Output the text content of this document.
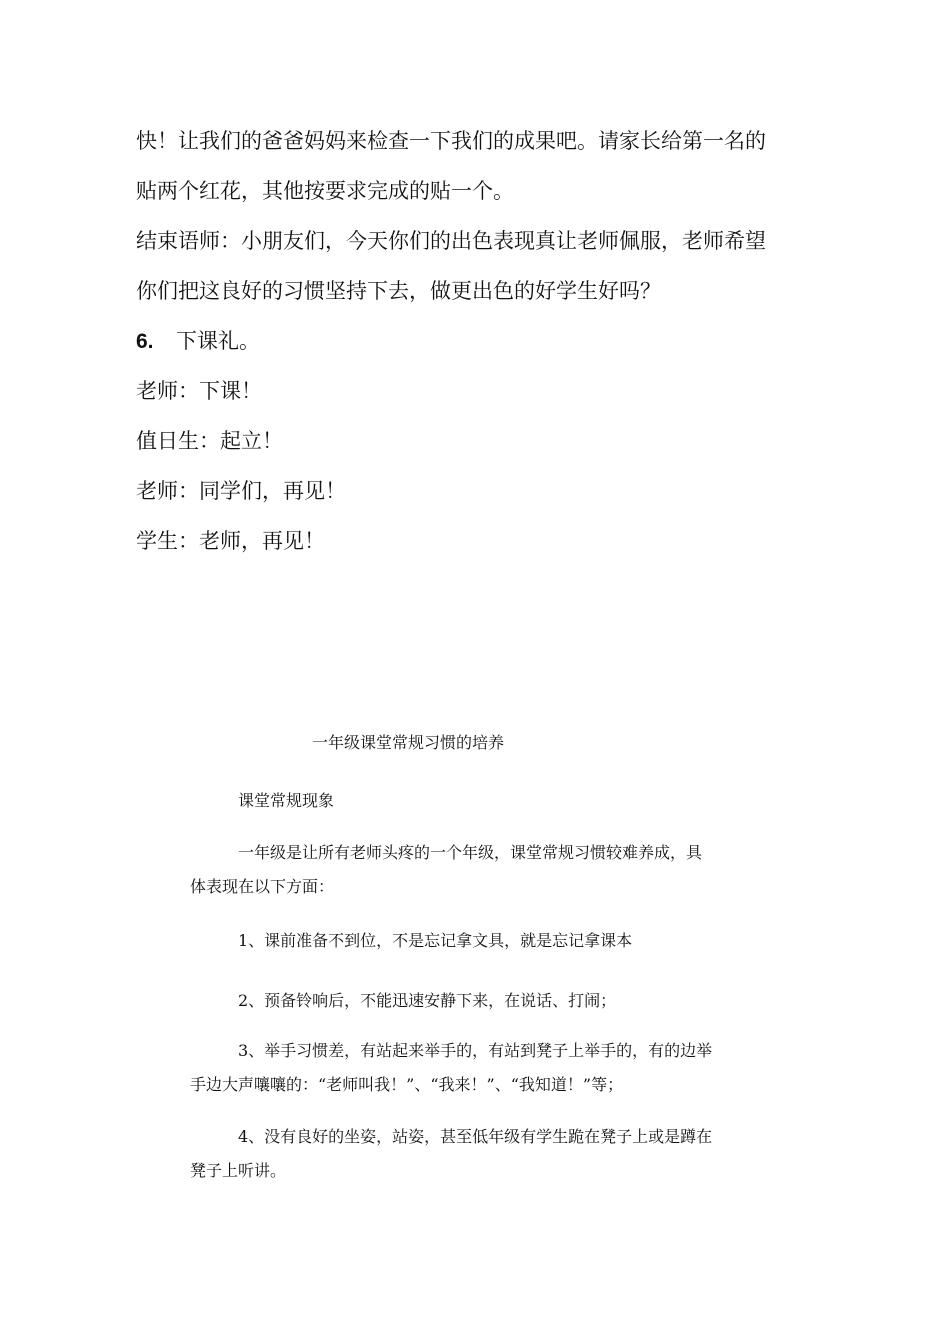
快！让我们的爸爸妈妈来检查一下我们的成果吧。请家长给第一名的

贴两个红花，其他按要求完成的贴一个。

结束语师：小朋友们，今天你们的出色表现真让老师佩服，老师希望

你们把这良好的习惯坚持下去，做更出色的好学生好吗？

6. 下课礼。

老师：下课！

值日生：起立！

老师：同学们，再见！

学生：老师，再见！

一年级课堂常规习惯的培养

课堂常规现象

一年级是让所有老师头疼的一个年级，课堂常规习惯较难养成，具

体表现在以下方面：

1、课前准备不到位，不是忘记拿文具，就是忘记拿课本

2、预备铃响后，不能迅速安静下来，在说话、打闹；

3、举手习惯差，有站起来举手的，有站到凳子上举手的，有的边举

手边大声嚷嚷的：“老师叫我！”、“我来！”、“我知道！”等；

4、没有良好的坐姿，站姿，甚至低年级有学生跪在凳子上或是蹲在

凳子上听讲。
